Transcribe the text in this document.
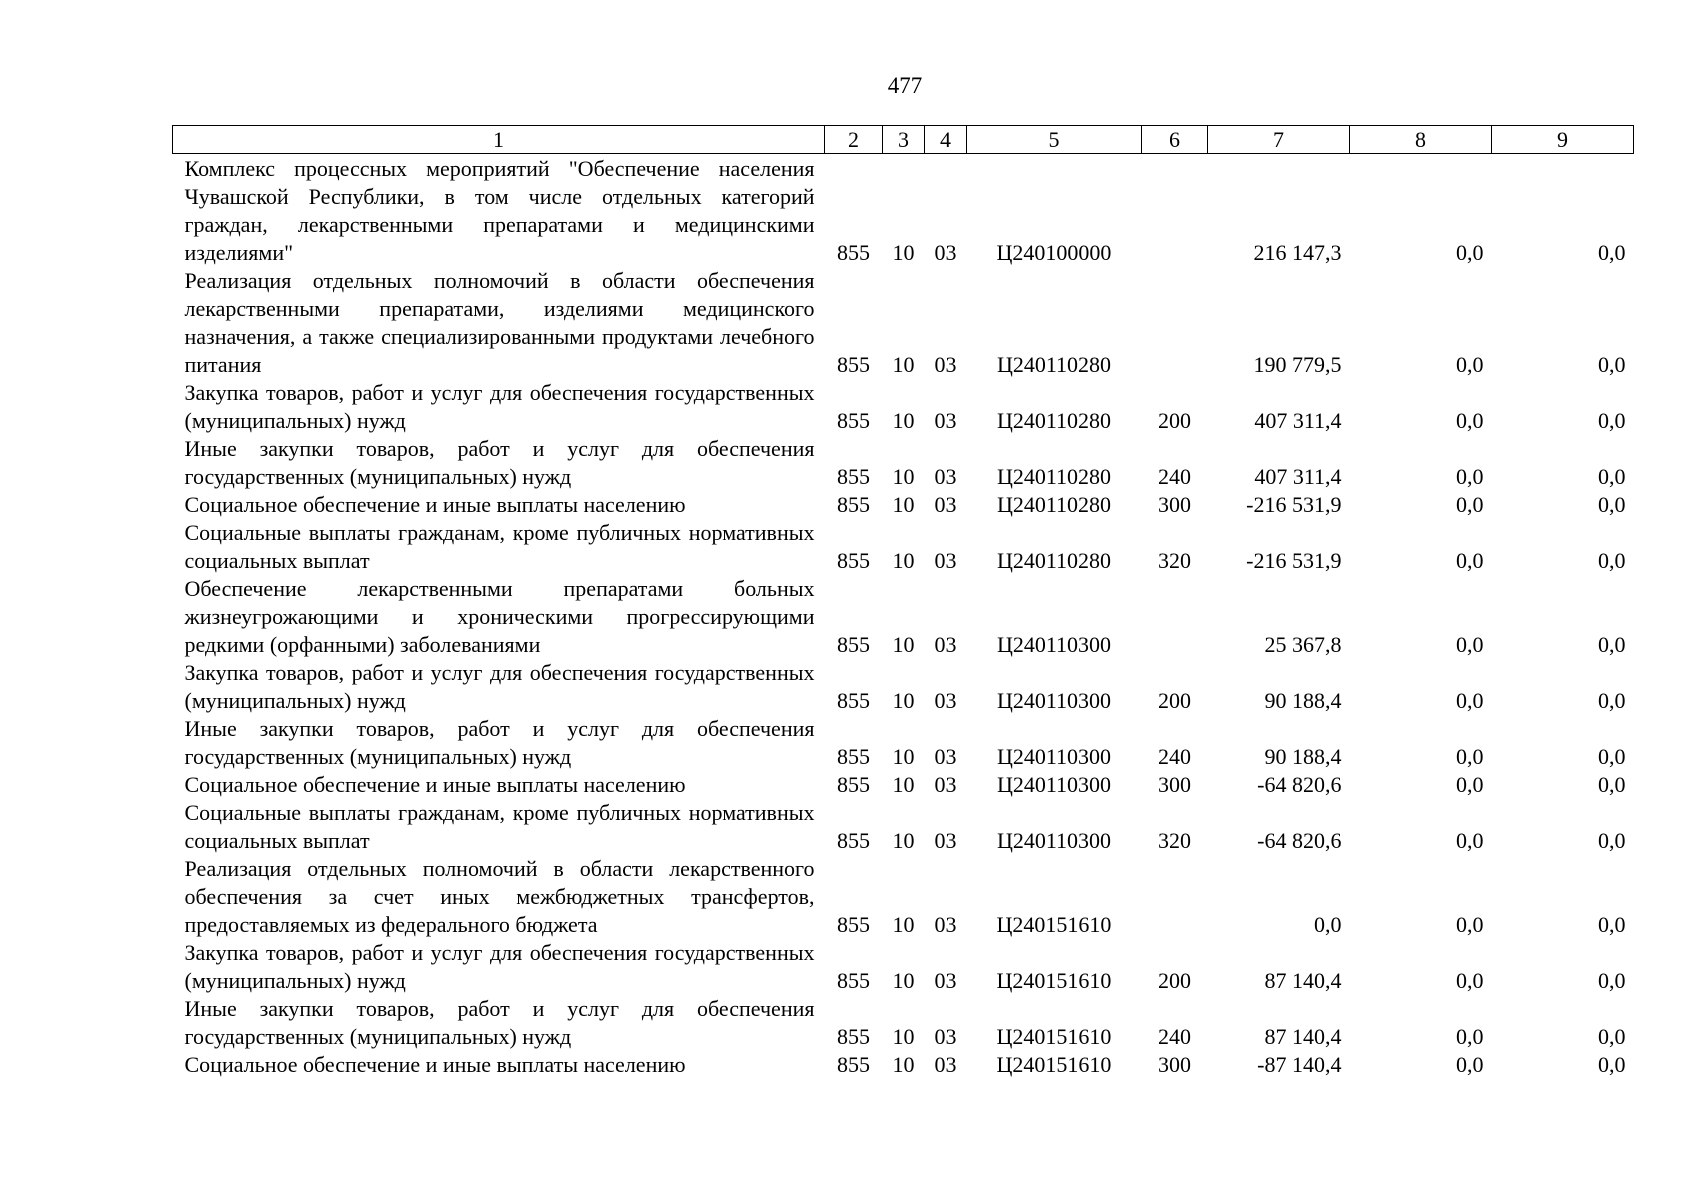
477
1	2	3	4	5	6	7	8	9
Комплекс процессных мероприятий "Обеспечение населения Чувашской Республики, в том числе отдельных категорий граждан, лекарственными препаратами и медицинскими изделиями"	855	10	03	Ц240100000		216 147,3	0,0	0,0
Реализация отдельных полномочий в области обеспечения лекарственными препаратами, изделиями медицинского назначения, а также специализированными продуктами лечебного питания	855	10	03	Ц240110280		190 779,5	0,0	0,0
Закупка товаров, работ и услуг для обеспечения государственных (муниципальных) нужд	855	10	03	Ц240110280	200	407 311,4	0,0	0,0
Иные закупки товаров, работ и услуг для обеспечения государственных (муниципальных) нужд	855	10	03	Ц240110280	240	407 311,4	0,0	0,0
Социальное обеспечение и иные выплаты населению	855	10	03	Ц240110280	300	-216 531,9	0,0	0,0
Социальные выплаты гражданам, кроме публичных нормативных социальных выплат	855	10	03	Ц240110280	320	-216 531,9	0,0	0,0
Обеспечение лекарственными препаратами больных жизнеугрожающими и хроническими прогрессирующими редкими (орфанными) заболеваниями	855	10	03	Ц240110300		25 367,8	0,0	0,0
Закупка товаров, работ и услуг для обеспечения государственных (муниципальных) нужд	855	10	03	Ц240110300	200	90 188,4	0,0	0,0
Иные закупки товаров, работ и услуг для обеспечения государственных (муниципальных) нужд	855	10	03	Ц240110300	240	90 188,4	0,0	0,0
Социальное обеспечение и иные выплаты населению	855	10	03	Ц240110300	300	-64 820,6	0,0	0,0
Социальные выплаты гражданам, кроме публичных нормативных социальных выплат	855	10	03	Ц240110300	320	-64 820,6	0,0	0,0
Реализация отдельных полномочий в области лекарственного обеспечения за счет иных межбюджетных трансфертов, предоставляемых из федерального бюджета	855	10	03	Ц240151610		0,0	0,0	0,0
Закупка товаров, работ и услуг для обеспечения государственных (муниципальных) нужд	855	10	03	Ц240151610	200	87 140,4	0,0	0,0
Иные закупки товаров, работ и услуг для обеспечения государственных (муниципальных) нужд	855	10	03	Ц240151610	240	87 140,4	0,0	0,0
Социальное обеспечение и иные выплаты населению	855	10	03	Ц240151610	300	-87 140,4	0,0	0,0
